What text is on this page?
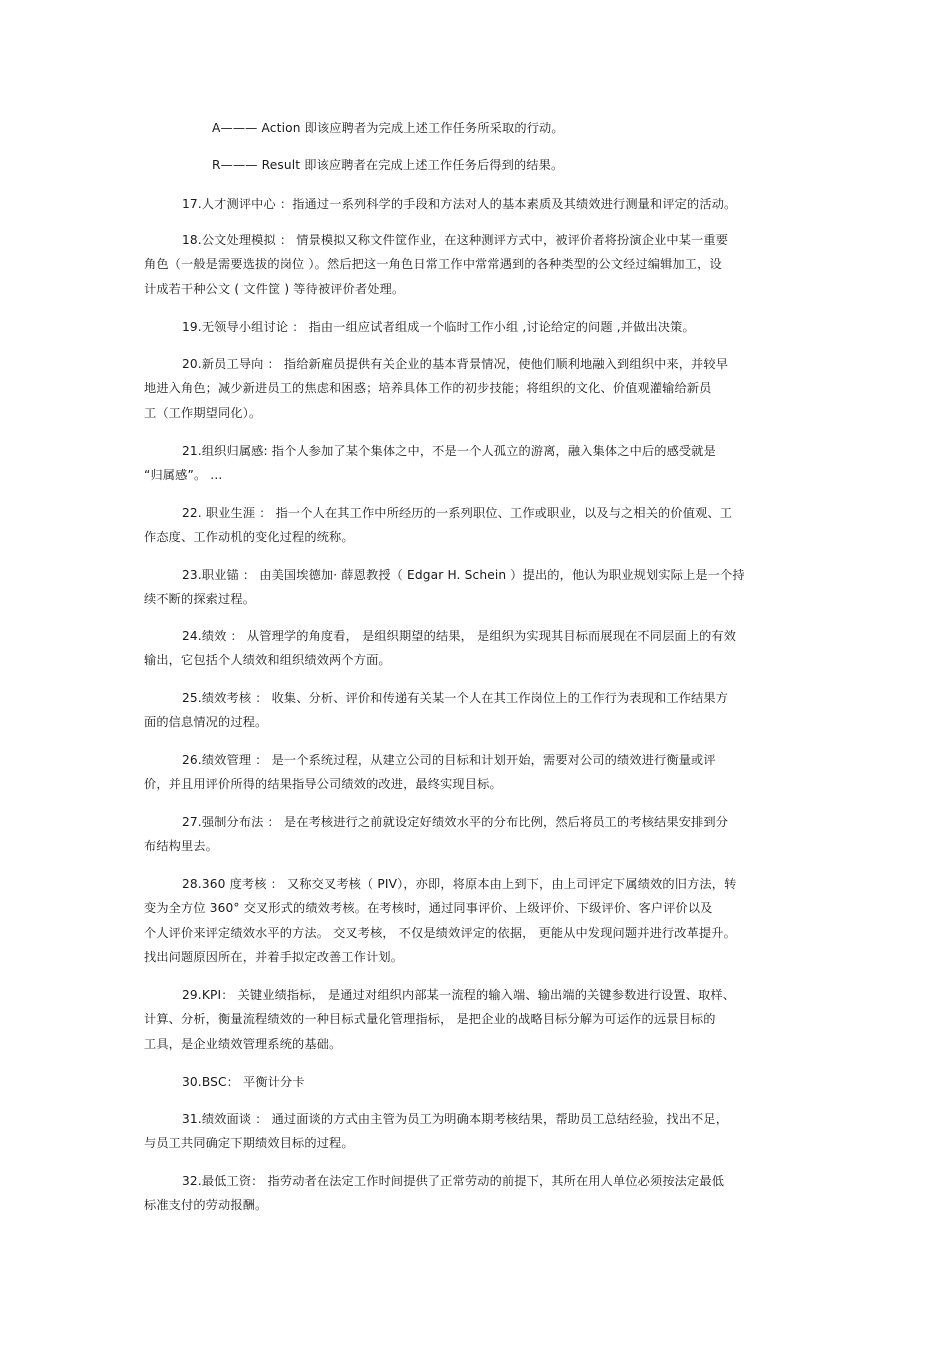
A——— Action 即该应聘者为完成上述工作任务所采取的行动。
R——— Result 即该应聘者在完成上述工作任务后得到的结果。
17.人才测评中心 ：指通过一系列科学的手段和方法对人的基本素质及其绩效进行测量和评定的活动。
18.公文处理模拟 ： 情景模拟又称文件筐作业，在这种测评方式中，被评价者将扮演企业中某一重要
角色（一般是需要选拔的岗位 ）。然后把这一角色日常工作中常常遇到的各种类型的公文经过编辑加工，设
计成若干种公文 ( 文件筐 ) 等待被评价者处理。
19.无领导小组讨论 ： 指由一组应试者组成一个临时工作小组 ,讨论给定的问题 ,并做出决策。
20.新员工导向 ： 指给新雇员提供有关企业的基本背景情况，使他们顺利地融入到组织中来，并较早
地进入角色；减少新进员工的焦虑和困惑；培养具体工作的初步技能；将组织的文化、价值观灌输给新员
工（工作期望同化）。
21.组织归属感: 指个人参加了某个集体之中，不是一个人孤立的游离，融入集体之中后的感受就是
“归属感”。 ...
22. 职业生涯 ： 指一个人在其工作中所经历的一系列职位、工作或职业，以及与之相关的价值观、工
作态度、工作动机的变化过程的统称。
23.职业锚 ： 由美国埃德加· 薛恩教授（ Edgar H. Schein ）提出的，他认为职业规划实际上是一个持
续不断的探索过程。
24.绩效 ： 从管理学的角度看， 是组织期望的结果， 是组织为实现其目标而展现在不同层面上的有效
输出，它包括个人绩效和组织绩效两个方面。
25.绩效考核 ： 收集、分析、评价和传递有关某一个人在其工作岗位上的工作行为表现和工作结果方
面的信息情况的过程。
26.绩效管理 ： 是一个系统过程，从建立公司的目标和计划开始，需要对公司的绩效进行衡量或评
价，并且用评价所得的结果指导公司绩效的改进，最终实现目标。
27.强制分布法 ： 是在考核进行之前就设定好绩效水平的分布比例，然后将员工的考核结果安排到分
布结构里去。
28.360 度考核 ： 又称交叉考核（ PIV），亦即，将原本由上到下，由上司评定下属绩效的旧方法，转
变为全方位 360° 交叉形式的绩效考核。在考核时，通过同事评价、上级评价、下级评价、客户评价以及
个人评价来评定绩效水平的方法。 交叉考核， 不仅是绩效评定的依据， 更能从中发现问题并进行改革提升。
找出问题原因所在，并着手拟定改善工作计划。
29.KPI： 关键业绩指标， 是通过对组织内部某一流程的输入端、输出端的关键参数进行设置、取样、
计算、分析，衡量流程绩效的一种目标式量化管理指标， 是把企业的战略目标分解为可运作的远景目标的
工具，是企业绩效管理系统的基础。
30.BSC： 平衡计分卡
31.绩效面谈 ： 通过面谈的方式由主管为员工为明确本期考核结果，帮助员工总结经验，找出不足，
与员工共同确定下期绩效目标的过程。
32.最低工资： 指劳动者在法定工作时间提供了正常劳动的前提下，其所在用人单位必须按法定最低
标准支付的劳动报酬。
